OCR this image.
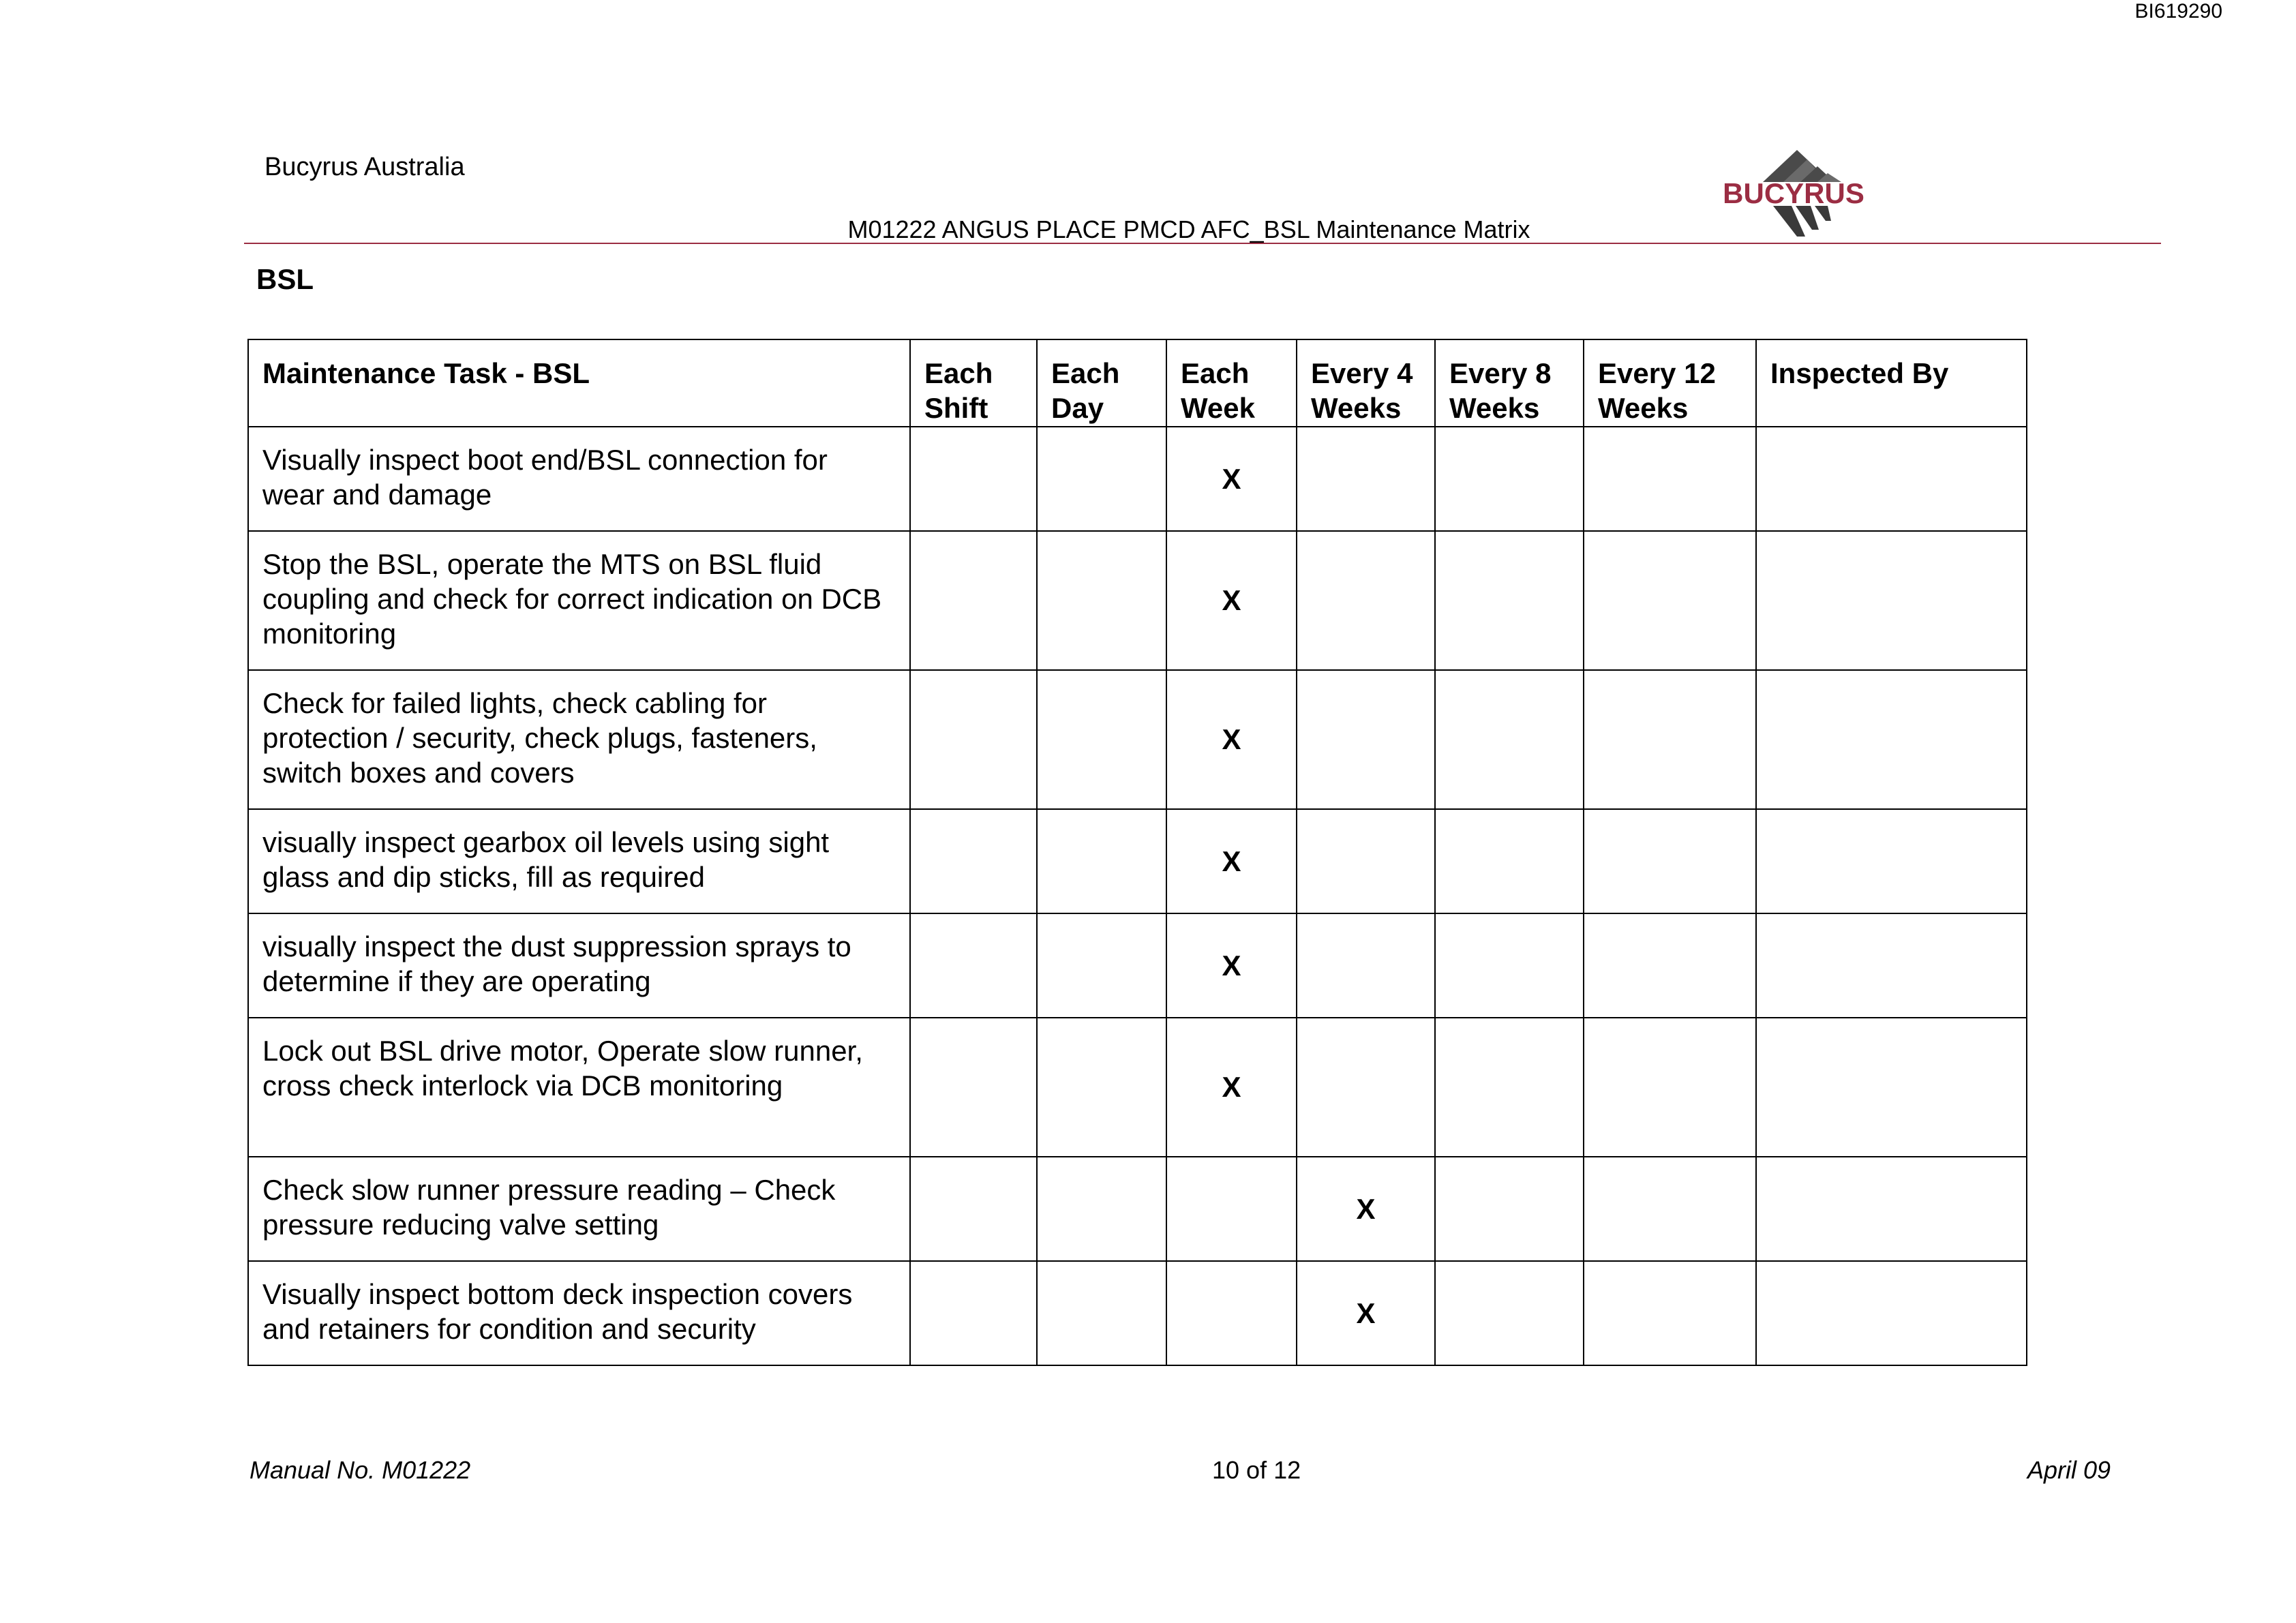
BI619290
Bucyrus Australia
M01222 ANGUS PLACE PMCD AFC_BSL Maintenance Matrix
BUCYRUS
BSL
Maintenance Task - BSL	Each Shift	Each Day	Each Week	Every 4 Weeks	Every 8 Weeks	Every 12 Weeks	Inspected By
Visually inspect boot end/BSL connection for wear and damage			X				
Stop the BSL, operate the MTS on BSL fluid coupling and check for correct indication on DCB monitoring			X				
Check for failed lights, check cabling for protection / security, check plugs, fasteners, switch boxes and covers			X				
visually inspect gearbox oil levels using sight glass and dip sticks, fill as required			X				
visually inspect the dust suppression sprays to determine if they are operating			X				
Lock out BSL drive motor, Operate slow runner, cross check interlock via DCB monitoring			X				
Check slow runner pressure reading – Check pressure reducing valve setting				X			
Visually inspect bottom deck inspection covers and retainers for condition and security				X			
Manual No. M01222	10 of 12	April 09
